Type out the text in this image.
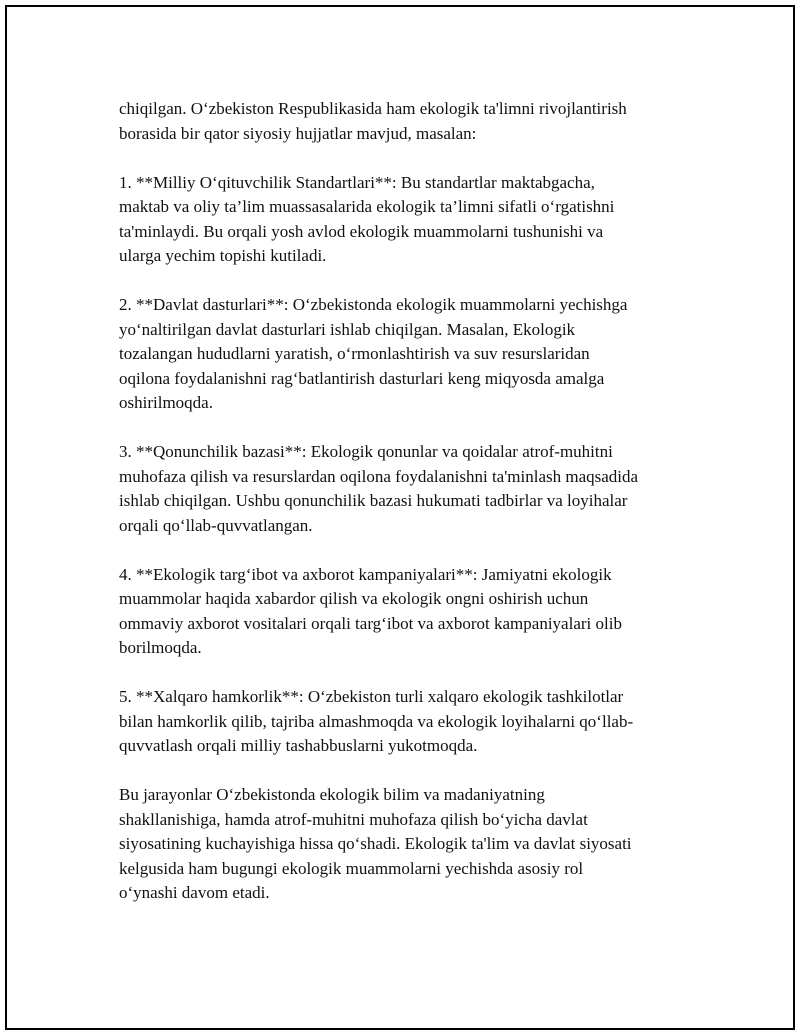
chiqilgan. O‘zbekiston Respublikasida ham ekologik ta'limni rivojlantirish
borasida bir qator siyosiy hujjatlar mavjud, masalan:

1. **Milliy O‘qituvchilik Standartlari**: Bu standartlar maktabgacha,
maktab va oliy ta’lim muassasalarida ekologik ta’limni sifatli o‘rgatishni
ta'minlaydi. Bu orqali yosh avlod ekologik muammolarni tushunishi va
ularga yechim topishi kutiladi.

2. **Davlat dasturlari**: O‘zbekistonda ekologik muammolarni yechishga
yo‘naltirilgan davlat dasturlari ishlab chiqilgan. Masalan, Ekologik
tozalangan hududlarni yaratish, o‘rmonlashtirish va suv resurslaridan
oqilona foydalanishni rag‘batlantirish dasturlari keng miqyosda amalga
oshirilmoqda.

3. **Qonunchilik bazasi**: Ekologik qonunlar va qoidalar atrof-muhitni
muhofaza qilish va resurslardan oqilona foydalanishni ta'minlash maqsadida
ishlab chiqilgan. Ushbu qonunchilik bazasi hukumati tadbirlar va loyihalar
orqali qo‘llab-quvvatlangan.

4. **Ekologik targ‘ibot va axborot kampaniyalari**: Jamiyatni ekologik
muammolar haqida xabardor qilish va ekologik ongni oshirish uchun
ommaviy axborot vositalari orqali targ‘ibot va axborot kampaniyalari olib
borilmoqda.

5. **Xalqaro hamkorlik**: O‘zbekiston turli xalqaro ekologik tashkilotlar
bilan hamkorlik qilib, tajriba almashmoqda va ekologik loyihalarni qo‘llab-
quvvatlash orqali milliy tashabbuslarni yukotmoqda.

Bu jarayonlar O‘zbekistonda ekologik bilim va madaniyatning
shakllanishiga, hamda atrof-muhitni muhofaza qilish bo‘yicha davlat
siyosatining kuchayishiga hissa qo‘shadi. Ekologik ta'lim va davlat siyosati
kelgusida ham bugungi ekologik muammolarni yechishda asosiy rol
o‘ynashi davom etadi.
